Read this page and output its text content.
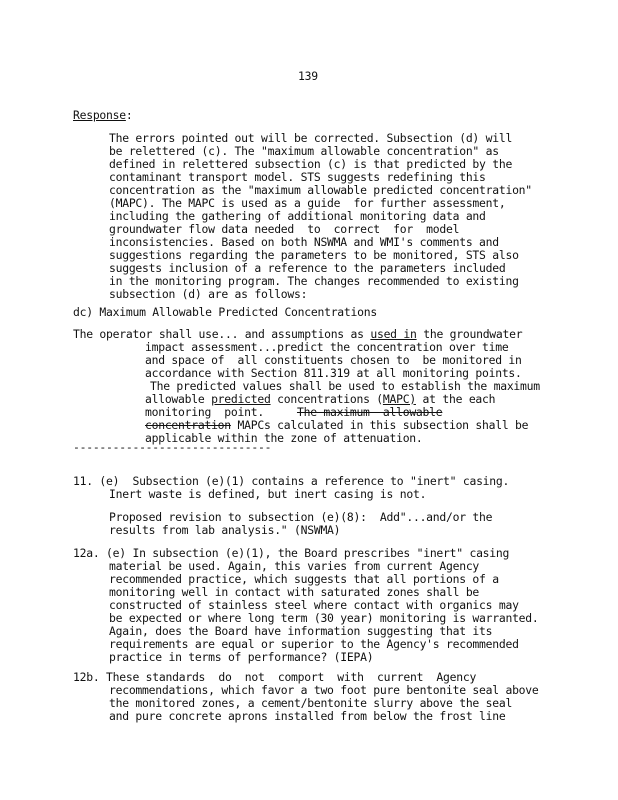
139
Response:
The errors pointed out will be corrected. Subsection (d) will
be relettered (c). The "maximum allowable concentration" as
defined in relettered subsection (c) is that predicted by the
contaminant transport model. STS suggests redefining this
concentration as the "maximum allowable predicted concentration"
(MAPC). The MAPC is used as a guide  for further assessment,
including the gathering of additional monitoring data and
groundwater flow data needed  to  correct  for  model
inconsistencies. Based on both NSWMA and WMI's comments and
suggestions regarding the parameters to be monitored, STS also
suggests inclusion of a reference to the parameters included
in the monitoring program. The changes recommended to existing
subsection (d) are as follows:
dc) Maximum Allowable Predicted Concentrations
The operator shall use... and assumptions as used in the groundwater
impact assessment...predict the concentration over time
and space of  all constituents chosen to  be monitored in
accordance with Section 811.319 at all monitoring points.
The predicted values shall be used to establish the maximum
allowable predicted concentrations (MAPC) at the each
monitoring  point.     The maximum  allowable
concentration MAPCs calculated in this subsection shall be
applicable within the zone of attenuation.
------------------------------
11. (e)  Subsection (e)(1) contains a reference to "inert" casing.
Inert waste is defined, but inert casing is not.
Proposed revision to subsection (e)(8):  Add"...and/or the
results from lab analysis." (NSWMA)
12a. (e) In subsection (e)(1), the Board prescribes "inert" casing
material be used. Again, this varies from current Agency
recommended practice, which suggests that all portions of a
monitoring well in contact with saturated zones shall be
constructed of stainless steel where contact with organics may
be expected or where long term (30 year) monitoring is warranted.
Again, does the Board have information suggesting that its
requirements are equal or superior to the Agency's recommended
practice in terms of performance? (IEPA)
12b. These standards  do  not  comport  with  current  Agency
recommendations, which favor a two foot pure bentonite seal above
the monitored zones, a cement/bentonite slurry above the seal
and pure concrete aprons installed from below the frost line
